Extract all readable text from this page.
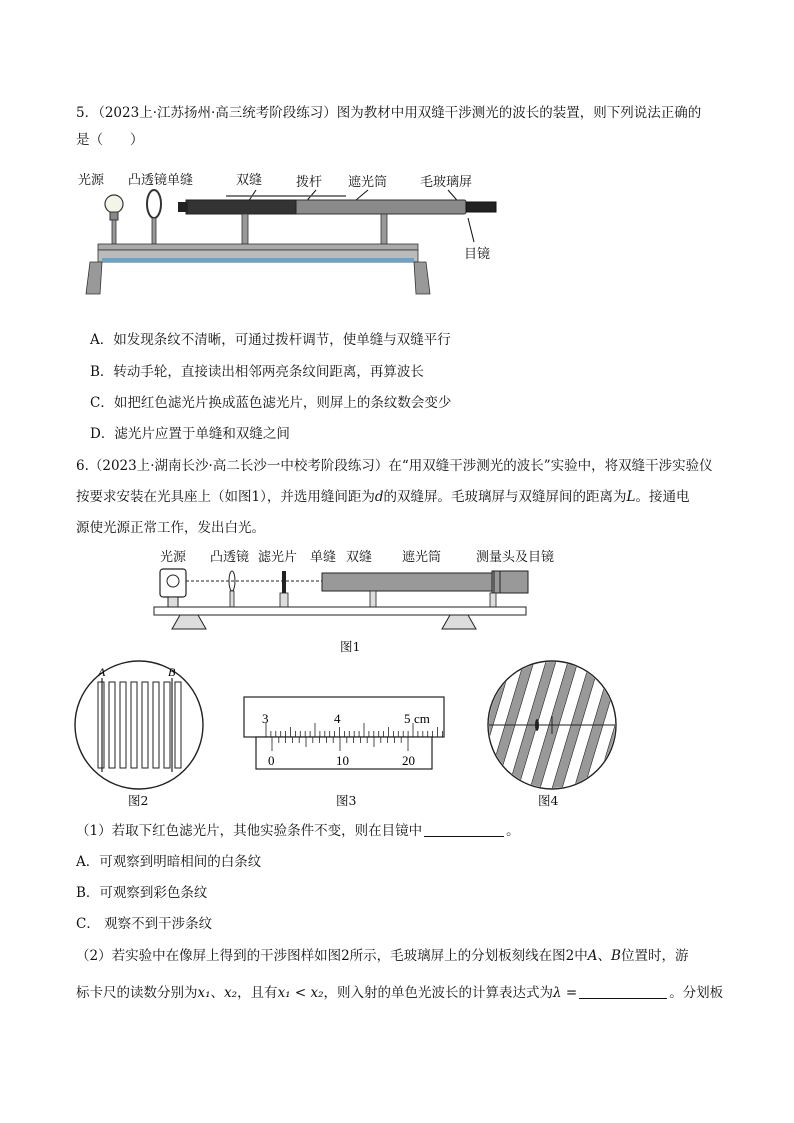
5．（2023上·江苏扬州·高三统考阶段练习）图为教材中用双缝干涉测光的波长的装置，则下列说法正确的
是（　　）
光源 凸透镜单缝	双缝	拨杆 遮光筒	毛玻璃屏
目镜
A．如发现条纹不清晰，可通过拨杆调节，使单缝与双缝平行
B．转动手轮，直接读出相邻两亮条纹间距离，再算波长
C．如把红色滤光片换成蓝色滤光片，则屏上的条纹数会变少
D．滤光片应置于单缝和双缝之间
6.（2023上·湖南长沙·高二长沙一中校考阶段练习）在“用双缝干涉测光的波长”实验中，将双缝干涉实验仪
按要求安装在光具座上（如图1），并选用缝间距为d的双缝屏。毛玻璃屏与双缝屏间的距离为L。接通电
源使光源正常工作，发出白光。
光源 凸透镜 滤光片 单缝 双缝 遮光筒	测量头及目镜
图1
A	B
图2
3	4	5 cm
0	10	20
图3	图4
（1）若取下红色滤光片，其他实验条件不变，则在目镜中	。
A．可观察到明暗相间的白条纹
B．可观察到彩色条纹
C． 观察不到干涉条纹
（2）若实验中在像屏上得到的干涉图样如图2所示，毛玻璃屏上的分划板刻线在图2中A、B位置时，游
标卡尺的读数分别为x₁、x₂，且有x₁ < x₂，则入射的单色光波长的计算表达式为λ =	。分划板
